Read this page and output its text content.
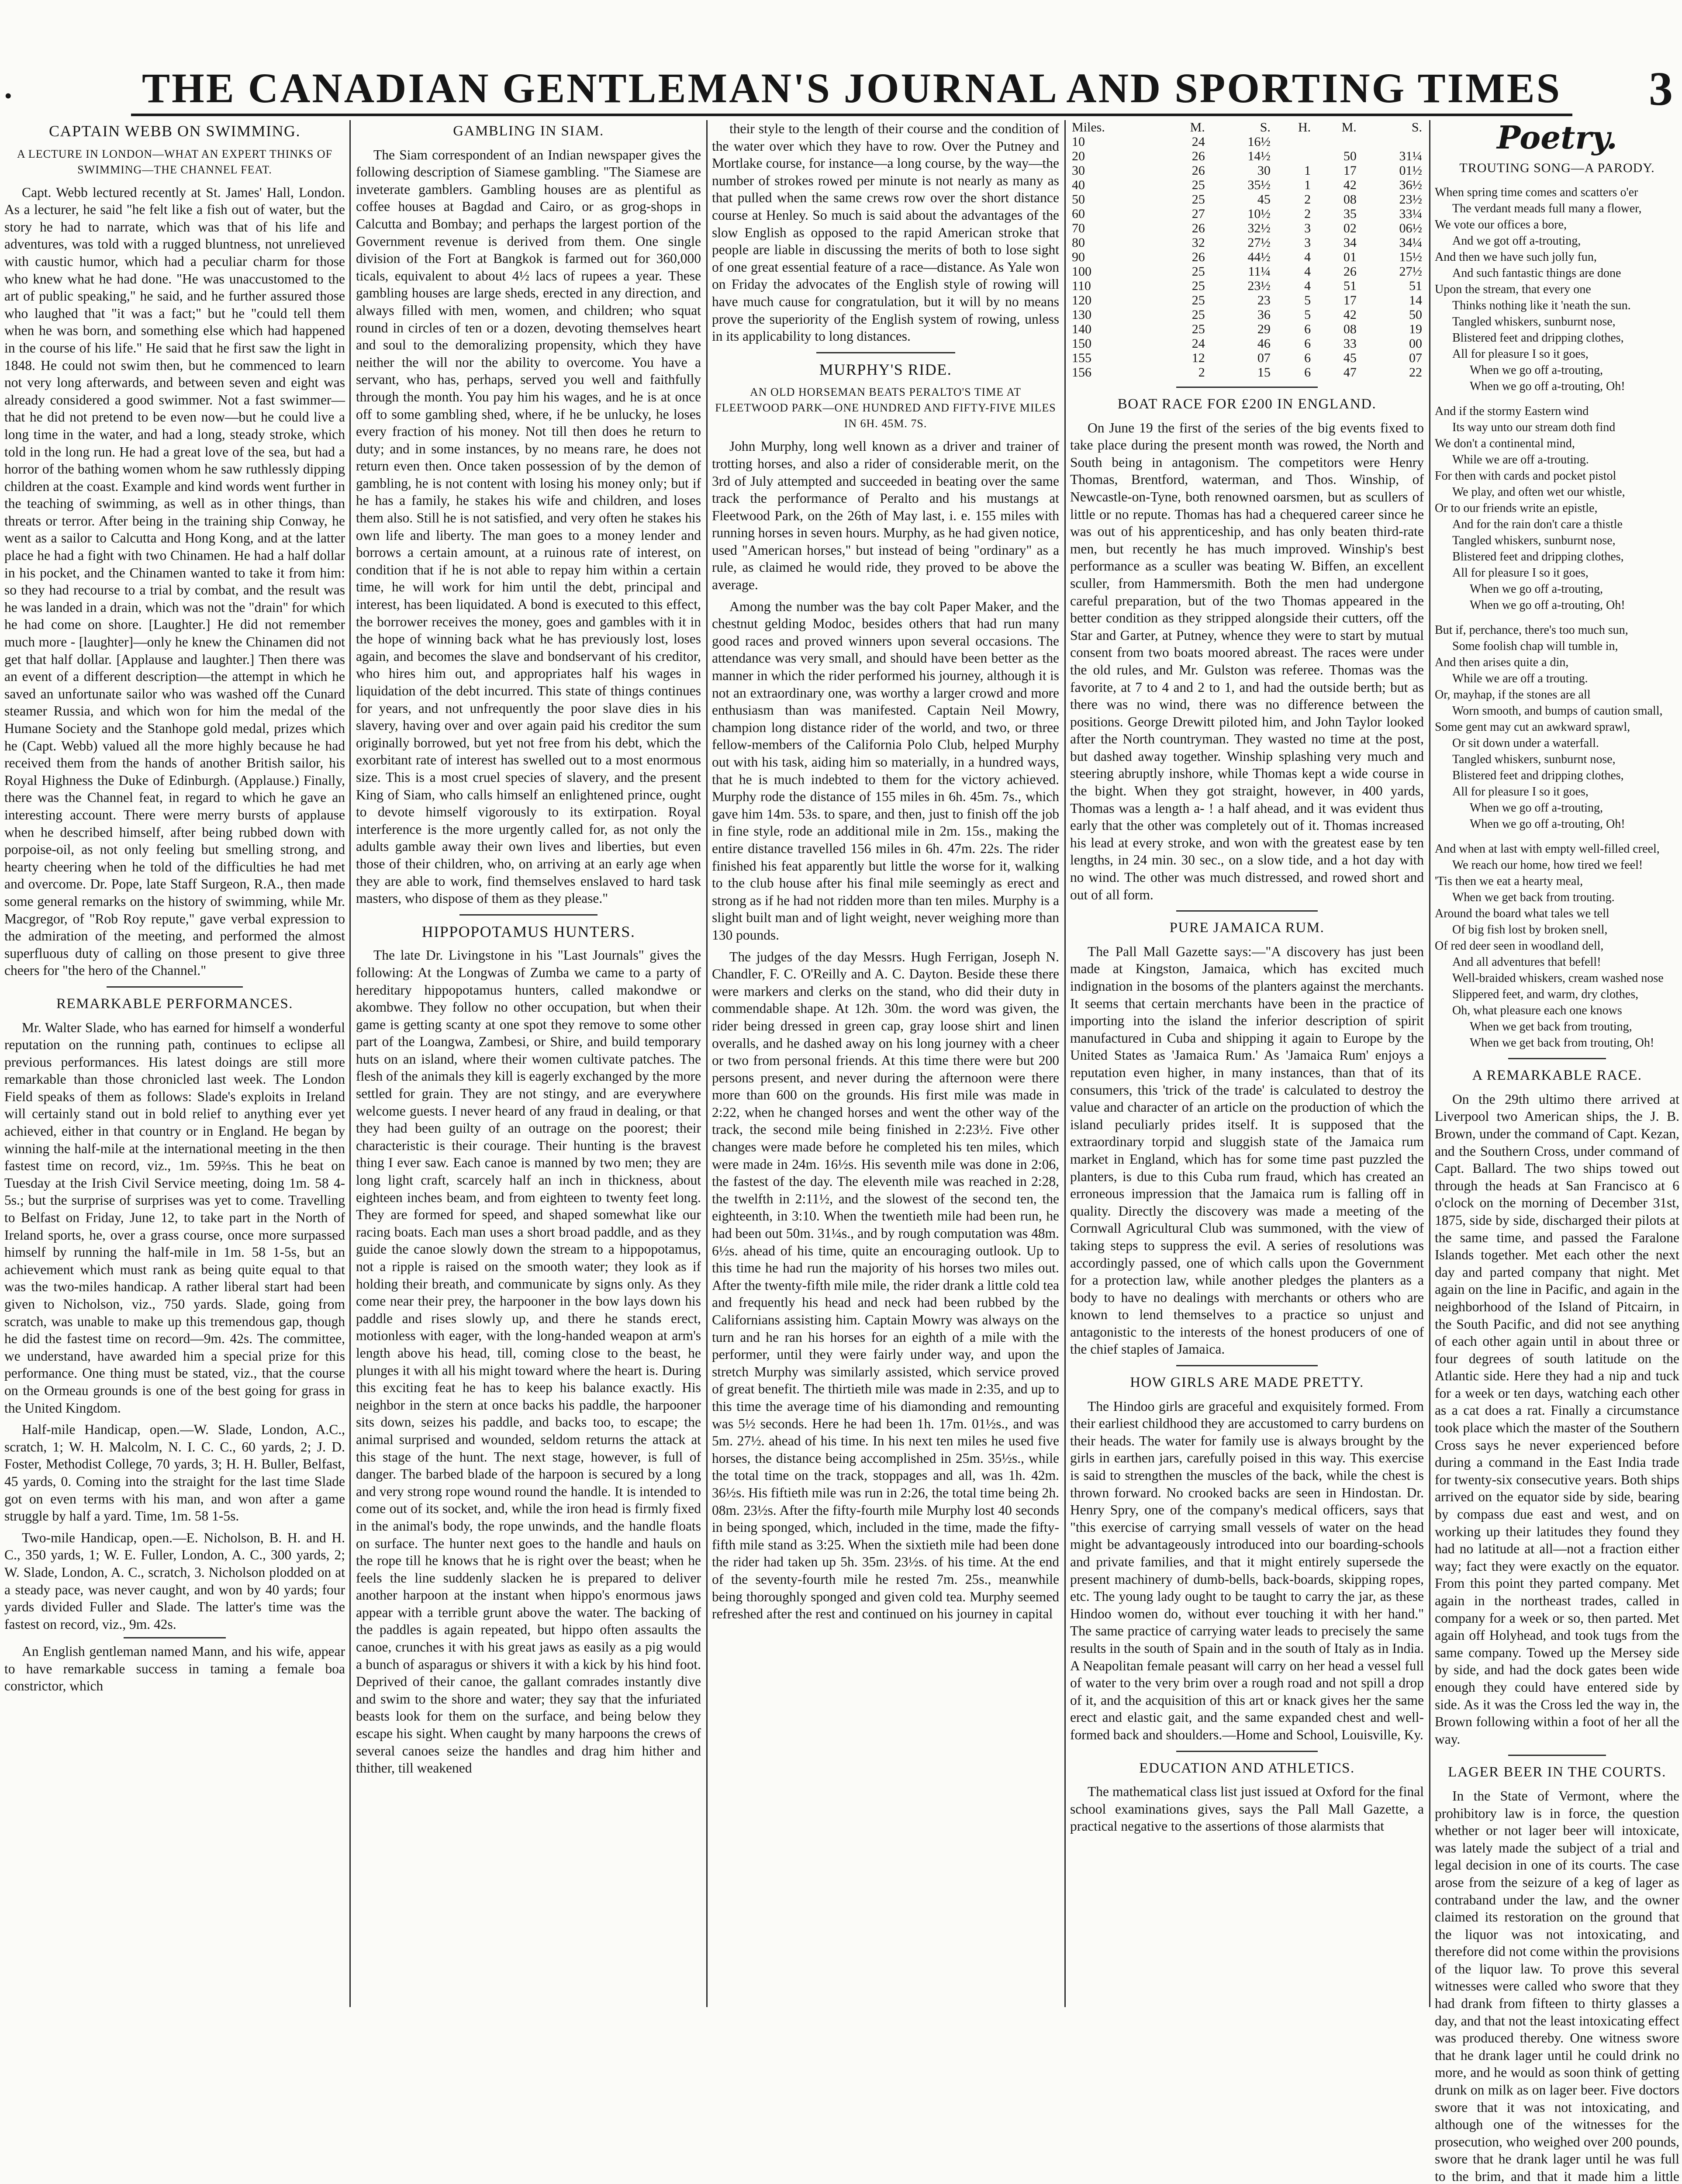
•	THE CANADIAN GENTLEMAN'S JOURNAL AND SPORTING TIMES 3
CAPTAIN WEBB ON SWIMMING.
A LECTURE IN LONDON—WHAT AN EXPERT THINKS OF SWIMMING—THE CHANNEL FEAT.

Capt. Webb lectured recently at St. James' Hall, London. As a lecturer, he said "he felt like a fish out of water, but the story he had to narrate, which was that of his life and adventures, was told with a rugged bluntness, not unrelieved with caustic humor, which had a peculiar charm for those who knew what he had done. "He was unaccustomed to the art of public speaking," he said, and he further assured those who laughed that "it was a fact;" but he "could tell them when he was born, and something else which had happened in the course of his life." He said that he first saw the light in 1848. He could not swim then, but he commenced to learn not very long afterwards, and between seven and eight was already considered a good swimmer. Not a fast swimmer—that he did not pretend to be even now—but he could live a long time in the water, and had a long, steady stroke, which told in the long run. He had a great love of the sea, but had a horror of the bathing women whom he saw ruthlessly dipping children at the coast. Example and kind words went further in the teaching of swimming, as well as in other things, than threats or terror. After being in the training ship Conway, he went as a sailor to Calcutta and Hong Kong, and at the latter place he had a fight with two Chinamen. He had a half dollar in his pocket, and the Chinamen wanted to take it from him: so they had recourse to a trial by combat, and the result was he was landed in a drain, which was not the "drain" for which he had come on shore. [Laughter.] He did not remember much more - [laughter]—only he knew the Chinamen did not get that half dollar. [Applause and laughter.] Then there was an event of a different description—the attempt in which he saved an unfortunate sailor who was washed off the Cunard steamer Russia, and which won for him the medal of the Humane Society and the Stanhope gold medal, prizes which he (Capt. Webb) valued all the more highly because he had received them from the hands of another British sailor, his Royal Highness the Duke of Edinburgh. (Applause.) Finally, there was the Channel feat, in regard to which he gave an interesting account. There were merry bursts of applause when he described himself, after being rubbed down with porpoise-oil, as not only feeling but smelling strong, and hearty cheering when he told of the difficulties he had met and overcome. Dr. Pope, late Staff Surgeon, R.A., then made some general remarks on the history of swimming, while Mr. Macgregor, of "Rob Roy repute," gave verbal expression to the admiration of the meeting, and performed the almost superfluous duty of calling on those present to give three cheers for "the hero of the Channel."

REMARKABLE PERFORMANCES.

Mr. Walter Slade, who has earned for himself a wonderful reputation on the running path, continues to eclipse all previous performances. His latest doings are still more remarkable than those chronicled last week. The London Field speaks of them as follows: Slade's exploits in Ireland will certainly stand out in bold relief to anything ever yet achieved, either in that country or in England. He began by winning the half-mile at the international meeting in the then fastest time on record, viz., 1m. 59⅔s. This he beat on Tuesday at the Irish Civil Service meeting, doing 1m. 58 4-5s.; but the surprise of surprises was yet to come. Travelling to Belfast on Friday, June 12, to take part in the North of Ireland sports, he, over a grass course, once more surpassed himself by running the half-mile in 1m. 58 1-5s, but an achievement which must rank as being quite equal to that was the two-miles handicap. A rather liberal start had been given to Nicholson, viz., 750 yards. Slade, going from scratch, was unable to make up this tremendous gap, though he did the fastest time on record—9m. 42s. The committee, we understand, have awarded him a special prize for this performance. One thing must be stated, viz., that the course on the Ormeau grounds is one of the best going for grass in the United Kingdom.

Half-mile Handicap, open.—W. Slade, London, A.C., scratch, 1; W. H. Malcolm, N. I. C. C., 60 yards, 2; J. D. Foster, Methodist College, 70 yards, 3; H. H. Buller, Belfast, 45 yards, 0. Coming into the straight for the last time Slade got on even terms with his man, and won after a game struggle by half a yard. Time, 1m. 58 1-5s.

Two-mile Handicap, open.—E. Nicholson, B. H. and H. C., 350 yards, 1; W. E. Fuller, London, A. C., 300 yards, 2; W. Slade, London, A. C., scratch, 3. Nicholson plodded on at a steady pace, was never caught, and won by 40 yards; four yards divided Fuller and Slade. The latter's time was the fastest on record, viz., 9m. 42s.

An English gentleman named Mann, and his wife, appear to have remarkable success in taming a female boa constrictor, which

GAMBLING IN SIAM.

The Siam correspondent of an Indian newspaper gives the following description of Siamese gambling. "The Siamese are inveterate gamblers. Gambling houses are as plentiful as coffee houses at Bagdad and Cairo, or as grog-shops in Calcutta and Bombay; and perhaps the largest portion of the Government revenue is derived from them. One single division of the Fort at Bangkok is farmed out for 360,000 ticals, equivalent to about 4½ lacs of rupees a year. These gambling houses are large sheds, erected in any direction, and always filled with men, women, and children; who squat round in circles of ten or a dozen, devoting themselves heart and soul to the demoralizing propensity, which they have neither the will nor the ability to overcome. You have a servant, who has, perhaps, served you well and faithfully through the month. You pay him his wages, and he is at once off to some gambling shed, where, if he be unlucky, he loses every fraction of his money. Not till then does he return to duty; and in some instances, by no means rare, he does not return even then. Once taken possession of by the demon of gambling, he is not content with losing his money only; but if he has a family, he stakes his wife and children, and loses them also. Still he is not satisfied, and very often he stakes his own life and liberty. The man goes to a money lender and borrows a certain amount, at a ruinous rate of interest, on condition that if he is not able to repay him within a certain time, he will work for him until the debt, principal and interest, has been liquidated. A bond is executed to this effect, the borrower receives the money, goes and gambles with it in the hope of winning back what he has previously lost, loses again, and becomes the slave and bondservant of his creditor, who hires him out, and appropriates half his wages in liquidation of the debt incurred. This state of things continues for years, and not unfrequently the poor slave dies in his slavery, having over and over again paid his creditor the sum originally borrowed, but yet not free from his debt, which the exorbitant rate of interest has swelled out to a most enormous size. This is a most cruel species of slavery, and the present King of Siam, who calls himself an enlightened prince, ought to devote himself vigorously to its extirpation. Royal interference is the more urgently called for, as not only the adults gamble away their own lives and liberties, but even those of their children, who, on arriving at an early age when they are able to work, find themselves enslaved to hard task masters, who dispose of them as they please."

HIPPOPOTAMUS HUNTERS.

The late Dr. Livingstone in his "Last Journals" gives the following: At the Longwas of Zumba we came to a party of hereditary hippopotamus hunters, called makondwe or akombwe. They follow no other occupation, but when their game is getting scanty at one spot they remove to some other part of the Loangwa, Zambesi, or Shire, and build temporary huts on an island, where their women cultivate patches. The flesh of the animals they kill is eagerly exchanged by the more settled for grain. They are not stingy, and are everywhere welcome guests. I never heard of any fraud in dealing, or that they had been guilty of an outrage on the poorest; their characteristic is their courage. Their hunting is the bravest thing I ever saw. Each canoe is manned by two men; they are long light craft, scarcely half an inch in thickness, about eighteen inches beam, and from eighteen to twenty feet long. They are formed for speed, and shaped somewhat like our racing boats. Each man uses a short broad paddle, and as they guide the canoe slowly down the stream to a hippopotamus, not a ripple is raised on the smooth water; they look as if holding their breath, and communicate by signs only. As they come near their prey, the harpooner in the bow lays down his paddle and rises slowly up, and there he stands erect, motionless with eager, with the long-handed weapon at arm's length above his head, till, coming close to the beast, he plunges it with all his might toward where the heart is. During this exciting feat he has to keep his balance exactly. His neighbor in the stern at once backs his paddle, the harpooner sits down, seizes his paddle, and backs too, to escape; the animal surprised and wounded, seldom returns the attack at this stage of the hunt. The next stage, however, is full of danger. The barbed blade of the harpoon is secured by a long and very strong rope wound round the handle. It is intended to come out of its socket, and, while the iron head is firmly fixed in the animal's body, the rope unwinds, and the handle floats on surface. The hunter next goes to the handle and hauls on the rope till he knows that he is right over the beast; when he feels the line suddenly slacken he is prepared to deliver another harpoon at the instant when hippo's enormous jaws appear with a terrible grunt above the water. The backing of the paddles is again repeated, but hippo often assaults the canoe, crunches it with his great jaws as easily as a pig would a bunch of asparagus or shivers it with a kick by his hind foot. Deprived of their canoe, the gallant comrades instantly dive and swim to the shore and water; they say that the infuriated beasts look for them on the surface, and being below they escape his sight. When caught by many harpoons the crews of several canoes seize the handles and drag him hither and thither, till weakened

their style to the length of their course and the condition of the water over which they have to row. Over the Putney and Mortlake course, for instance—a long course, by the way—the number of strokes rowed per minute is not nearly as many as that pulled when the same crews row over the short distance course at Henley. So much is said about the advantages of the slow English as opposed to the rapid American stroke that people are liable in discussing the merits of both to lose sight of one great essential feature of a race—distance. As Yale won on Friday the advocates of the English style of rowing will have much cause for congratulation, but it will by no means prove the superiority of the English system of rowing, unless in its applicability to long distances.

MURPHY'S RIDE.
AN OLD HORSEMAN BEATS PERALTO'S TIME AT FLEETWOOD PARK—ONE HUNDRED AND FIFTY-FIVE MILES IN 6H. 45M. 7S.

John Murphy, long well known as a driver and trainer of trotting horses, and also a rider of considerable merit, on the 3rd of July attempted and succeeded in beating over the same track the performance of Peralto and his mustangs at Fleetwood Park, on the 26th of May last, i. e. 155 miles with running horses in seven hours. Murphy, as he had given notice, used "American horses," but instead of being "ordinary" as a rule, as claimed he would ride, they proved to be above the average.

Among the number was the bay colt Paper Maker, and the chestnut gelding Modoc, besides others that had run many good races and proved winners upon several occasions. The attendance was very small, and should have been better as the manner in which the rider performed his journey, although it is not an extraordinary one, was worthy a larger crowd and more enthusiasm than was manifested. Captain Neil Mowry, champion long distance rider of the world, and two, or three fellow-members of the California Polo Club, helped Murphy out with his task, aiding him so materially, in a hundred ways, that he is much indebted to them for the victory achieved. Murphy rode the distance of 155 miles in 6h. 45m. 7s., which gave him 14m. 53s. to spare, and then, just to finish off the job in fine style, rode an additional mile in 2m. 15s., making the entire distance travelled 156 miles in 6h. 47m. 22s. The rider finished his feat apparently but little the worse for it, walking to the club house after his final mile seemingly as erect and strong as if he had not ridden more than ten miles. Murphy is a slight built man and of light weight, never weighing more than 130 pounds.

The judges of the day Messrs. Hugh Ferrigan, Joseph N. Chandler, F. C. O'Reilly and A. C. Dayton. Beside these there were markers and clerks on the stand, who did their duty in commendable shape. At 12h. 30m. the word was given, the rider being dressed in green cap, gray loose shirt and linen overalls, and he dashed away on his long journey with a cheer or two from personal friends. At this time there were but 200 persons present, and never during the afternoon were there more than 600 on the grounds. His first mile was made in 2:22, when he changed horses and went the other way of the track, the second mile being finished in 2:23½. Five other changes were made before he completed his ten miles, which were made in 24m. 16½s. His seventh mile was done in 2:06, the fastest of the day. The eleventh mile was reached in 2:28, the twelfth in 2:11½, and the slowest of the second ten, the eighteenth, in 3:10. When the twentieth mile had been run, he had been out 50m. 31¼s., and by rough computation was 48m. 6½s. ahead of his time, quite an encouraging outlook. Up to this time he had run the majority of his horses two miles out. After the twenty-fifth mile mile, the rider drank a little cold tea and frequently his head and neck had been rubbed by the Californians assisting him. Captain Mowry was always on the turn and he ran his horses for an eighth of a mile with the performer, until they were fairly under way, and upon the stretch Murphy was similarly assisted, which service proved of great benefit. The thirtieth mile was made in 2:35, and up to this time the average time of his diamonding and remounting was 5½ seconds. Here he had been 1h. 17m. 01½s., and was 5m. 27½. ahead of his time. In his next ten miles he used five horses, the distance being accomplished in 25m. 35½s., while the total time on the track, stoppages and all, was 1h. 42m. 36½s. His fiftieth mile was run in 2:26, the total time being 2h. 08m. 23½s. After the fifty-fourth mile Murphy lost 40 seconds in being sponged, which, included in the time, made the fifty-fifth mile stand as 3:25. When the sixtieth mile had been done the rider had taken up 5h. 35m. 23½s. of his time. At the end of the seventy-fourth mile he rested 7m. 25s., meanwhile being thoroughly sponged and given cold tea. Murphy seemed refreshed after the rest and continued on his journey in capital

Miles.	M.	S.	H.	M.	S.
10	24	16½			
20	26	14½		50	31¼
30	26	30	1	17	01½
40	25	35½	1	42	36½
50	25	45	2	08	23½
60	27	10½	2	35	33¼
70	26	32½	3	02	06½
80	32	27½	3	34	34¼
90	26	44½	4	01	15½
100	25	11¼	4	26	27½
110	25	23½	4	51	51
120	25	23	5	17	14
130	25	36	5	42	50
140	25	29	6	08	19
150	24	46	6	33	00
155	12	07	6	45	07
156	2	15	6	47	22
BOAT RACE FOR £200 IN ENGLAND.

On June 19 the first of the series of the big events fixed to take place during the present month was rowed, the North and South being in antagonism. The competitors were Henry Thomas, Brentford, waterman, and Thos. Winship, of Newcastle-on-Tyne, both renowned oarsmen, but as scullers of little or no repute. Thomas has had a chequered career since he was out of his apprenticeship, and has only beaten third-rate men, but recently he has much improved. Winship's best performance as a sculler was beating W. Biffen, an excellent sculler, from Hammersmith. Both the men had undergone careful preparation, but of the two Thomas appeared in the better condition as they stripped alongside their cutters, off the Star and Garter, at Putney, whence they were to start by mutual consent from two boats moored abreast. The races were under the old rules, and Mr. Gulston was referee. Thomas was the favorite, at 7 to 4 and 2 to 1, and had the outside berth; but as there was no wind, there was no difference between the positions. George Drewitt piloted him, and John Taylor looked after the North countryman. They wasted no time at the post, but dashed away together. Winship splashing very much and steering abruptly inshore, while Thomas kept a wide course in the bight. When they got straight, however, in 400 yards, Thomas was a length a- ! a half ahead, and it was evident thus early that the other was completely out of it. Thomas increased his lead at every stroke, and won with the greatest ease by ten lengths, in 24 min. 30 sec., on a slow tide, and a hot day with no wind. The other was much distressed, and rowed short and out of all form.

PURE JAMAICA RUM.

The Pall Mall Gazette says:—"A discovery has just been made at Kingston, Jamaica, which has excited much indignation in the bosoms of the planters against the merchants. It seems that certain merchants have been in the practice of importing into the island the inferior description of spirit manufactured in Cuba and shipping it again to Europe by the United States as 'Jamaica Rum.' As 'Jamaica Rum' enjoys a reputation even higher, in many instances, than that of its consumers, this 'trick of the trade' is calculated to destroy the value and character of an article on the production of which the island peculiarly prides itself. It is supposed that the extraordinary torpid and sluggish state of the Jamaica rum market in England, which has for some time past puzzled the planters, is due to this Cuba rum fraud, which has created an erroneous impression that the Jamaica rum is falling off in quality. Directly the discovery was made a meeting of the Cornwall Agricultural Club was summoned, with the view of taking steps to suppress the evil. A series of resolutions was accordingly passed, one of which calls upon the Government for a protection law, while another pledges the planters as a body to have no dealings with merchants or others who are known to lend themselves to a practice so unjust and antagonistic to the interests of the honest producers of one of the chief staples of Jamaica.

HOW GIRLS ARE MADE PRETTY.

The Hindoo girls are graceful and exquisitely formed. From their earliest childhood they are accustomed to carry burdens on their heads. The water for family use is always brought by the girls in earthen jars, carefully poised in this way. This exercise is said to strengthen the muscles of the back, while the chest is thrown forward. No crooked backs are seen in Hindostan. Dr. Henry Spry, one of the company's medical officers, says that "this exercise of carrying small vessels of water on the head might be advantageously introduced into our boarding-schools and private families, and that it might entirely supersede the present machinery of dumb-bells, back-boards, skipping ropes, etc. The young lady ought to be taught to carry the jar, as these Hindoo women do, without ever touching it with her hand." The same practice of carrying water leads to precisely the same results in the south of Spain and in the south of Italy as in India. A Neapolitan female peasant will carry on her head a vessel full of water to the very brim over a rough road and not spill a drop of it, and the acquisition of this art or knack gives her the same erect and elastic gait, and the same expanded chest and well-formed back and shoulders.—Home and School, Louisville, Ky.

EDUCATION AND ATHLETICS.

The mathematical class list just issued at Oxford for the final school examinations gives, says the Pall Mall Gazette, a practical negative to the assertions of those alarmists that

Poetry.
TROUTING SONG—A PARODY.
When spring time comes and scatters o'er
The verdant meads full many a flower,
We vote our offices a bore,
And we got off a-trouting,
And then we have such jolly fun,
And such fantastic things are done
Upon the stream, that every one
Thinks nothing like it 'neath the sun.
Tangled whiskers, sunburnt nose,
Blistered feet and dripping clothes,
All for pleasure I so it goes,
When we go off a-trouting,
When we go off a-trouting, Oh!
And if the stormy Eastern wind
Its way unto our stream doth find
We don't a continental mind,
While we are off a-trouting.
For then with cards and pocket pistol
We play, and often wet our whistle,
Or to our friends write an epistle,
And for the rain don't care a thistle
Tangled whiskers, sunburnt nose,
Blistered feet and dripping clothes,
All for pleasure I so it goes,
When we go off a-trouting,
When we go off a-trouting, Oh!
But if, perchance, there's too much sun,
Some foolish chap will tumble in,
And then arises quite a din,
While we are off a trouting.
Or, mayhap, if the stones are all
Worn smooth, and bumps of caution small,
Some gent may cut an awkward sprawl,
Or sit down under a waterfall.
Tangled whiskers, sunburnt nose,
Blistered feet and dripping clothes,
All for pleasure I so it goes,
When we go off a-trouting,
When we go off a-trouting, Oh!
And when at last with empty well-filled creel,
We reach our home, how tired we feel!
'Tis then we eat a hearty meal,
When we get back from trouting.
Around the board what tales we tell
Of big fish lost by broken snell,
Of red deer seen in woodland dell,
And all adventures that befell!
Well-braided whiskers, cream washed nose
Slippered feet, and warm, dry clothes,
Oh, what pleasure each one knows
When we get back from trouting,
When we get back from trouting, Oh!
A REMARKABLE RACE.

On the 29th ultimo there arrived at Liverpool two American ships, the J. B. Brown, under the command of Capt. Kezan, and the Southern Cross, under command of Capt. Ballard. The two ships towed out through the heads at San Francisco at 6 o'clock on the morning of December 31st, 1875, side by side, discharged their pilots at the same time, and passed the Faralone Islands together. Met each other the next day and parted company that night. Met again on the line in Pacific, and again in the neighborhood of the Island of Pitcairn, in the South Pacific, and did not see anything of each other again until in about three or four degrees of south latitude on the Atlantic side. Here they had a nip and tuck for a week or ten days, watching each other as a cat does a rat. Finally a circumstance took place which the master of the Southern Cross says he never experienced before during a command in the East India trade for twenty-six consecutive years. Both ships arrived on the equator side by side, bearing by compass due east and west, and on working up their latitudes they found they had no latitude at all—not a fraction either way; fact they were exactly on the equator. From this point they parted company. Met again in the northeast trades, called in company for a week or so, then parted. Met again off Holyhead, and took tugs from the same company. Towed up the Mersey side by side, and had the dock gates been wide enough they could have entered side by side. As it was the Cross led the way in, the Brown following within a foot of her all the way.

LAGER BEER IN THE COURTS.

In the State of Vermont, where the prohibitory law is in force, the question whether or not lager beer will intoxicate, was lately made the subject of a trial and legal decision in one of its courts. The case arose from the seizure of a keg of lager as contraband under the law, and the owner claimed its restoration on the ground that the liquor was not intoxicating, and therefore did not come within the provisions of the liquor law. To prove this several witnesses were called who swore that they had drank from fifteen to thirty glasses a day, and that not the least intoxicating effect was produced thereby. One witness swore that he drank lager until he could drink no more, and he would as soon think of getting drunk on milk as on lager beer. Five doctors swore that it was not intoxicating, and although one of the witnesses for the prosecution, who weighed over 200 pounds, swore that he drank lager until he was full to the brim, and that it made him a little
